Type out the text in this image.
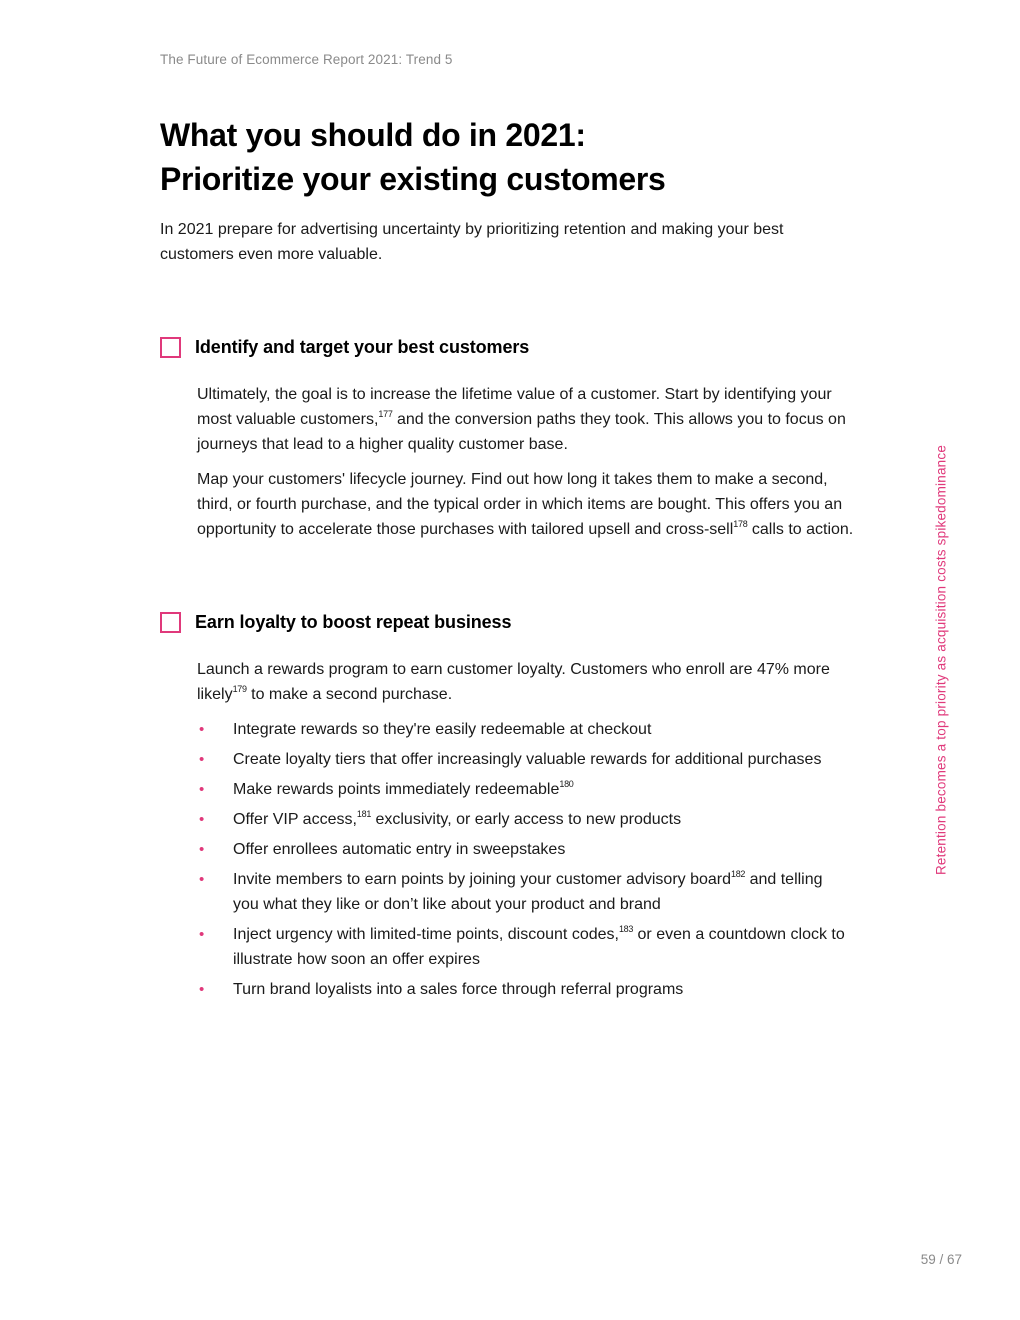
The Future of Ecommerce Report 2021: Trend 5
What you should do in 2021:
Prioritize your existing customers

In 2021 prepare for advertising uncertainty by prioritizing retention and making your best customers even more valuable.

Identify and target your best customers

Ultimately, the goal is to increase the lifetime value of a customer. Start by identifying your most valuable customers,$^{177}$ and the conversion paths they took. This allows you to focus on journeys that lead to a higher quality customer base.

Map your customers' lifecycle journey. Find out how long it takes them to make a second, third, or fourth purchase, and the typical order in which items are bought. This offers you an opportunity to accelerate those purchases with tailored upsell and cross-sell$^{178}$ calls to action.

Earn loyalty to boost repeat business

Launch a rewards program to earn customer loyalty. Customers who enroll are 47% more likely$^{179}$ to make a second purchase.

• Integrate rewards so they're easily redeemable at checkout
• Create loyalty tiers that offer increasingly valuable rewards for additional purchases
• Make rewards points immediately redeemable$^{180}$
• Offer VIP access,$^{181}$ exclusivity, or early access to new products
• Offer enrollees automatic entry in sweepstakes
• Invite members to earn points by joining your customer advisory board$^{182}$ and telling you what they like or don’t like about your product and brand
• Inject urgency with limited-time points, discount codes,$^{183}$ or even a countdown clock to illustrate how soon an offer expires
• Turn brand loyalists into a sales force through referral programs
Retention becomes a top priority as acquisition costs spikedominance
59 / 67
